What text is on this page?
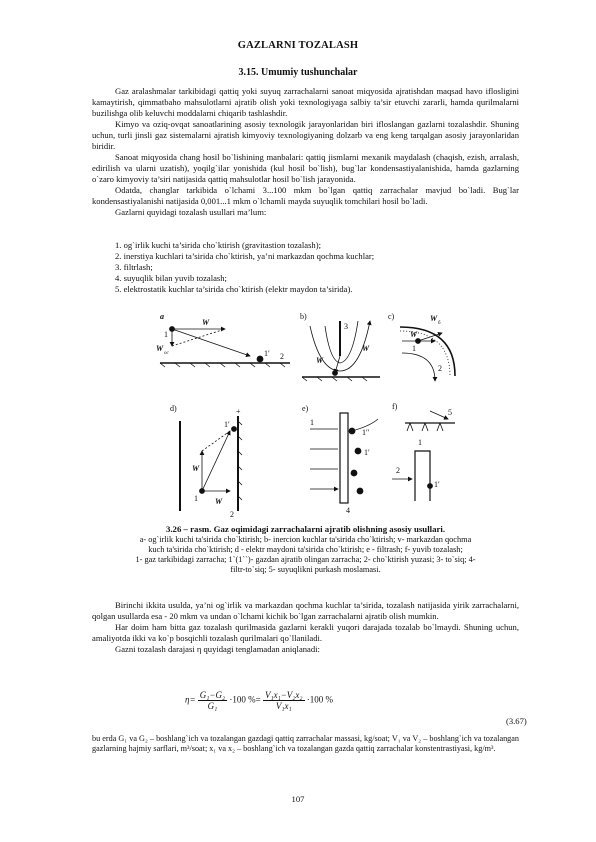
GAZLARNI TOZALASH
3.15. Umumiy tushunchalar

Gaz aralashmalar tarkibidagi qattiq yoki suyuq zarrachalarni sanoat miqyosida ajratishdan maqsad havo iflosligini kamaytirish, qimmatbaho mahsulotlarni ajratib olish yoki texnologiyaga salbiy ta’sir etuvchi zararli, hamda qurilmalarni buzilishga olib keluvchi moddalarni chiqarib tashlashdir.

Kimyo va oziq-ovqat sanoatlarining asosiy texnologik jarayonlaridan biri ifloslangan gazlarni tozalashdir. Shuning uchun, turli jinsli gaz sistemalarni ajratish kimyoviy texnologiyaning dolzarb va eng keng tarqalgan asosiy jarayonlaridan biridir.

Sanoat miqyosida chang hosil bo`lishining manbalari: qattiq jismlarni mexanik maydalash (chaqish, ezish, arralash, edirilish va ularni uzatish), yoqilg`ilar yonishida (kul hosil bo`lish), bug`lar kondensastiyalanishida, hamda gazlarning o`zaro kimyoviy ta’siri natijasida qattiq mahsulotlar hosil bo`lish jarayonida.

Odatda, changlar tarkibida o`lchami 3...100 mkm bo`lgan qattiq zarrachalar mavjud bo`ladi. Bug`lar kondensastiyalanishi natijasida 0,001...1 mkm o`lchamli mayda suyuqlik tomchilari hosil bo`ladi.

Gazlarni quyidagi tozalash usullari ma’lum:

1. og`irlik kuchi ta’sirida cho`ktirish (gravitastion tozalash);
2. inerstiya kuchlari ta’sirida cho`ktirish, ya’ni markazdan qochma kuchlar;
3. filtrlash;
4. suyuqlik bilan yuvib tozalash;
5. elektrostatik kuchlar ta’sirida cho`ktirish (elektr maydon ta’sirida).
a
W
W
oc
1
1′ 2
b)
3
W
W
c)	W
б
W
1
2
d)	+
W
W
1
1′
2
e)
1
1′′
1′
4
f)
5
2
1′
1
3.26 – rasm. Gaz oqimidagi zarrachalarni ajratib olishning asosiy usullari.
a- og`irlik kuchi ta'sirida cho`ktirish; b- inercion kuchlar ta'sirida cho`ktirish; v- markazdan qochma
kuch ta'sirida cho`ktirish; d - elektr maydoni ta'sirida cho`ktirish; e - filtrash; f- yuvib tozalash;
1- gaz tarkibidagi zarracha; 1`(1``)- gazdan ajratib olingan zarracha; 2- cho`ktirish yuzasi; 3- to`siq; 4-
filtr-to`siq; 5- suyuqlikni purkash moslamasi.

Birinchi ikkita usulda, ya’ni og`irlik va markazdan qochma kuchlar ta’sirida, tozalash natijasida yirik zarrachalarni, qolgan usullarda esa - 20 mkm va undan o`lchami kichik bo`lgan zarrachalarni ajratib olish mumkin.

Har doim ham bitta gaz tozalash qurilmasida gazlarni kerakli yuqori darajada tozalab bo`lmaydi. Shuning uchun, amaliyotda ikki va ko`p bosqichli tozalash qurilmalari qo`llaniladi.

Gazni tozalash darajasi η quyidagi tenglamadan aniqlanadi:

$\eta= \frac{\text{G₁−G₂}}{\text{G₁}} \cdot 100$ %= $\frac{\text{V₁x₁−V₂x₂}}{\text{V₁x₁}} \cdot 100$ %
(3.67)
bu erda G₁ va G₂ – boshlang`ich va tozalangan gazdagi qattiq zarrachalar massasi, kg/soat; V₁ va V₂ – boshlang`ich va tozalangan gazlarning hajmiy sarflari, m³/soat; x₁ va x₂ – boshlang`ich va tozalangan gazda qattiq zarrachalar konstentrastiyasi, kg/m³.
107
